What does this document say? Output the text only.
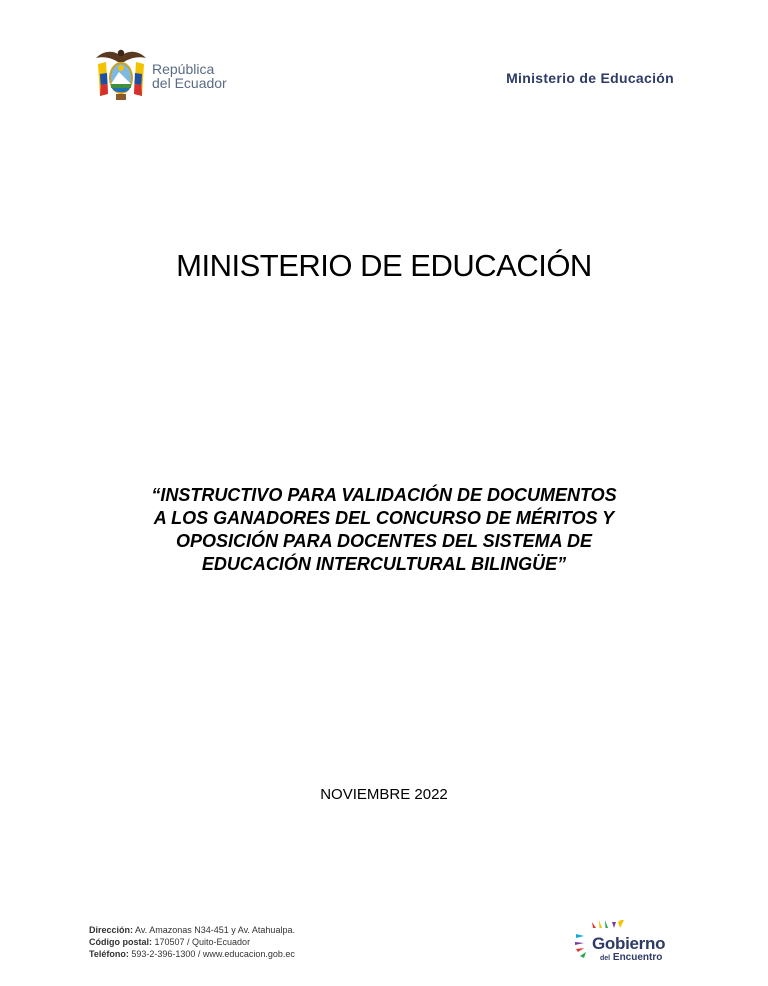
República
del Ecuador	Ministerio de Educación
MINISTERIO DE EDUCACIÓN
“INSTRUCTIVO PARA VALIDACIÓN DE DOCUMENTOS
A LOS GANADORES DEL CONCURSO DE MÉRITOS Y
OPOSICIÓN PARA DOCENTES DEL SISTEMA DE
EDUCACIÓN INTERCULTURAL BILINGÜE”
NOVIEMBRE 2022
Dirección: Av. Amazonas N34-451 y Av. Atahualpa.
Código postal: 170507 / Quito-Ecuador
Teléfono: 593-2-396-1300 / www.educacion.gob.ec
Gobierno
del Encuentro
